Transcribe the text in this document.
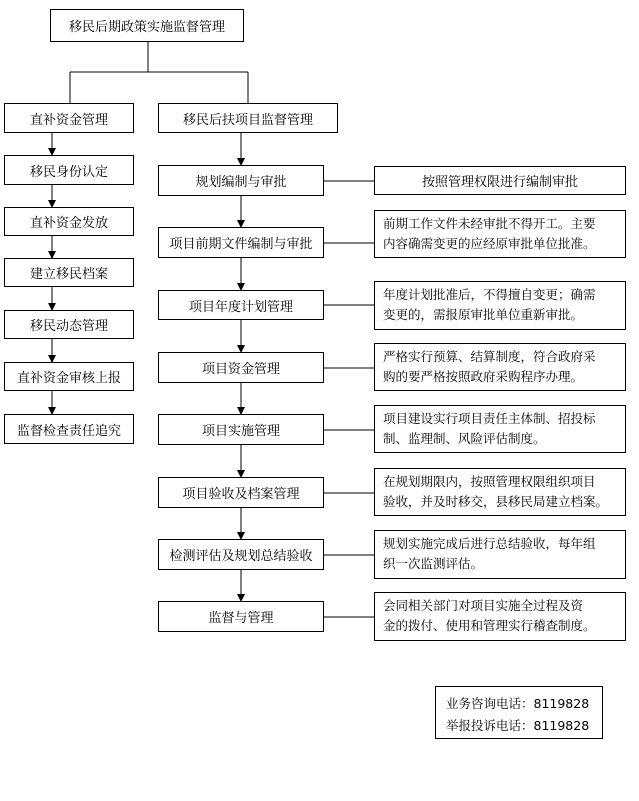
移民后期政策实施监督管理
直补资金管理
移民身份认定
直补资金发放
建立移民档案
移民动态管理
直补资金审核上报
监督检查责任追究
移民后扶项目监督管理
规划编制与审批
项目前期文件编制与审批
项目年度计划管理
项目资金管理
项目实施管理
项目验收及档案管理
检测评估及规划总结验收
监督与管理
按照管理权限进行编制审批
前期工作文件未经审批不得开工。主要
内容确需变更的应经原审批单位批准。
年度计划批准后，不得擅自变更；确需
变更的，需报原审批单位重新审批。
严格实行预算、结算制度，符合政府采
购的要严格按照政府采购程序办理。
项目建设实行项目责任主体制、招投标
制、监理制、风险评估制度。
在规划期限内，按照管理权限组织项目
验收，并及时移交，县移民局建立档案。
规划实施完成后进行总结验收，每年组
织一次监测评估。
会同相关部门对项目实施全过程及资
金的拨付、使用和管理实行稽查制度。
业务咨询电话：8119828
举报投诉电话：8119828
